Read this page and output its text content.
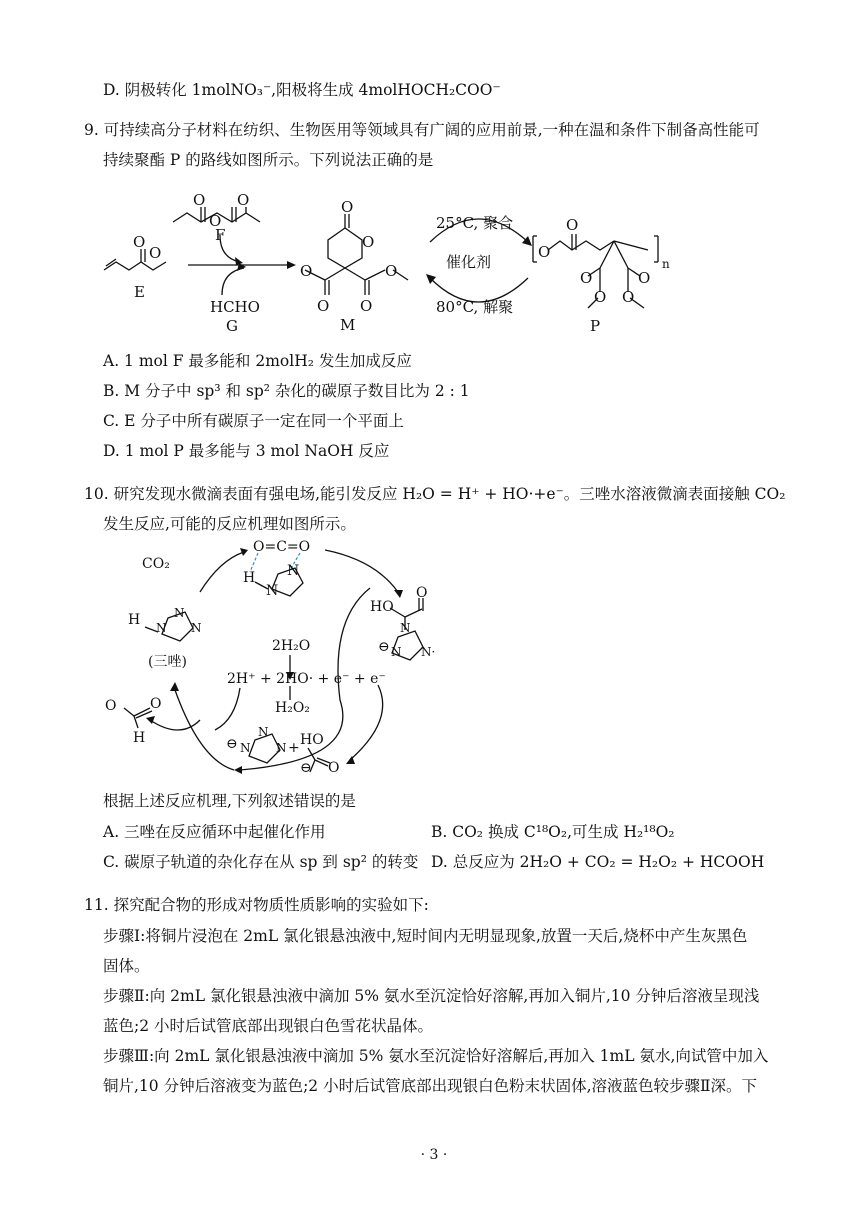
D. 阴极转化 1molNO₃⁻,阳极将生成 4molHOCH₂COO⁻
9. 可持续高分子材料在纺织、生物医用等领域具有广阔的应用前景,一种在温和条件下制备高性能可
持续聚酯 P 的路线如图所示。下列说法正确的是
O
O
E
O O
O
F
HCHO
G
O
O
O O
O	O
M
25°C, 聚合
催化剂
80°C, 解聚
O
O
n
O
O
O
O
P
A. 1 mol F 最多能和 2molH₂ 发生加成反应
B. M 分子中 sp³ 和 sp² 杂化的碳原子数目比为 2 : 1
C. E 分子中所有碳原子一定在同一个平面上
D. 1 mol P 最多能与 3 mol NaOH 反应
10. 研究发现水微滴表面有强电场,能引发反应 H₂O = H⁺ + HO·+e⁻。三唑水溶液微滴表面接触 CO₂
发生反应,可能的反应机理如图所示。
CO₂
O=C=O
H
N
N
H N
N
N
(三唑)
HO
O
⊖ N
N
N·
2H₂O
2H⁺ + 2HO· + e⁻ + e⁻
H₂O₂
O O
H	⊖ N
N
N + HO
⊖ O
根据上述反应机理,下列叙述错误的是
A. 三唑在反应循环中起催化作用	B. CO₂ 换成 C¹⁸O₂,可生成 H₂¹⁸O₂
C. 碳原子轨道的杂化存在从 sp 到 sp² 的转变 D. 总反应为 2H₂O + CO₂ = H₂O₂ + HCOOH
11. 探究配合物的形成对物质性质影响的实验如下:
步骤Ⅰ:将铜片浸泡在 2mL 氯化银悬浊液中,短时间内无明显现象,放置一天后,烧杯中产生灰黑色
固体。
步骤Ⅱ:向 2mL 氯化银悬浊液中滴加 5% 氨水至沉淀恰好溶解,再加入铜片,10 分钟后溶液呈现浅
蓝色;2 小时后试管底部出现银白色雪花状晶体。
步骤Ⅲ:向 2mL 氯化银悬浊液中滴加 5% 氨水至沉淀恰好溶解后,再加入 1mL 氨水,向试管中加入
铜片,10 分钟后溶液变为蓝色;2 小时后试管底部出现银白色粉末状固体,溶液蓝色较步骤Ⅱ深。下
· 3 ·
